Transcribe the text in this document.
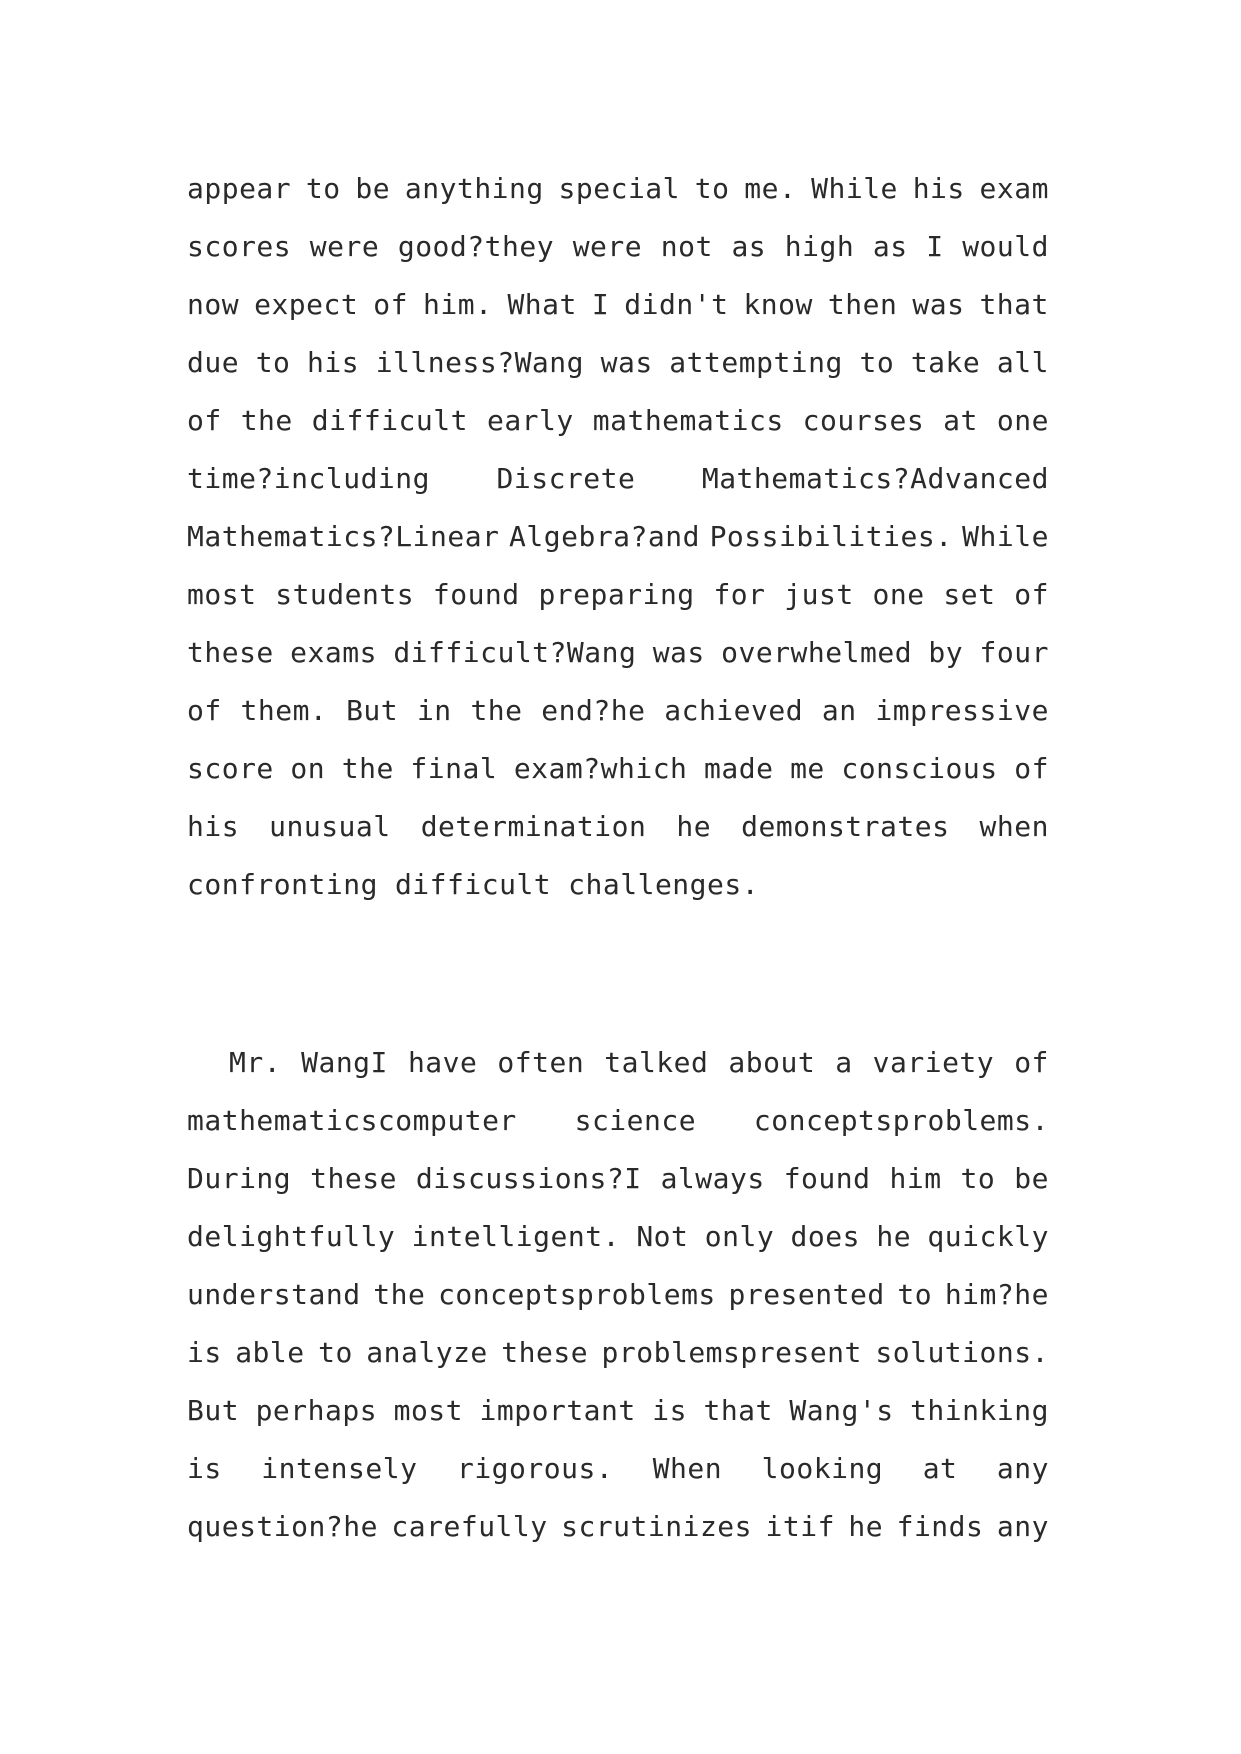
appear to be anything special to me. While his exam
scores were good?they were not as high as I would
now expect of him. What I didn't know then was that
due to his illness?Wang was attempting to take all
of the difficult early mathematics courses at one
time?including Discrete Mathematics?Advanced
Mathematics?Linear Algebra?and Possibilities. While
most students found preparing for just one set of
these exams difficult?Wang was overwhelmed by four
of them. But in the end?he achieved an impressive
score on the final exam?which made me conscious of
his unusual determination he demonstrates when
confronting difficult challenges.
Mr. WangI have often talked about a variety of
mathematicscomputer science conceptsproblems.
During these discussions?I always found him to be
delightfully intelligent. Not only does he quickly
understand the conceptsproblems presented to him?he
is able to analyze these problemspresent solutions.
But perhaps most important is that Wang's thinking
is intensely rigorous. When looking at any
question?he carefully scrutinizes itif he finds any
